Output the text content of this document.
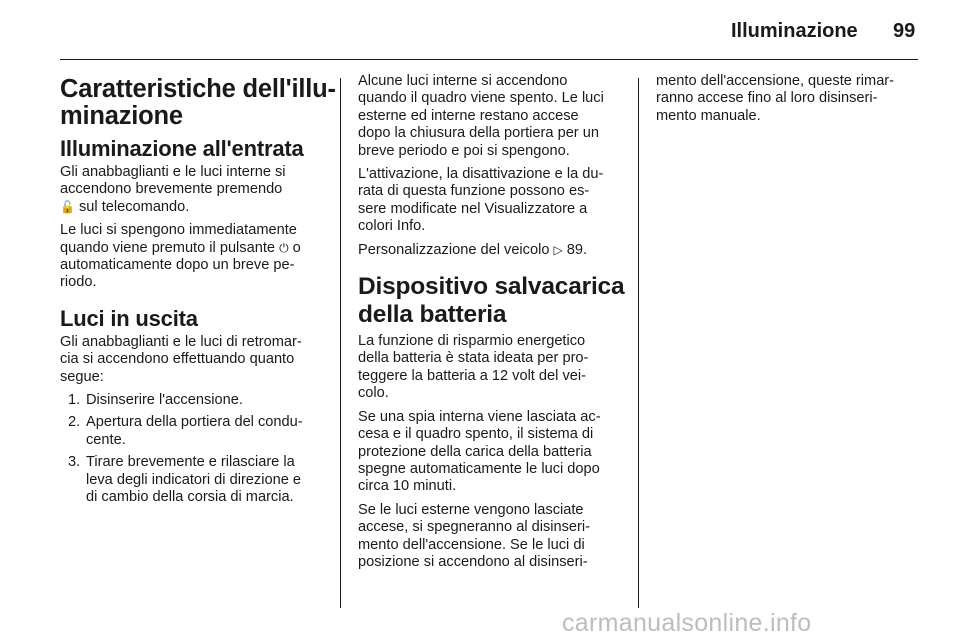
Illuminazione 99
Caratteristiche dell'illu-
minazione
Illuminazione all'entrata

Gli anabbaglianti e le luci interne si
accendono brevemente premendo
🔓 sul telecomando.

Le luci si spengono immediatamente
quando viene premuto il pulsante ⏻ o
automaticamente dopo un breve pe-
riodo.

Luci in uscita

Gli anabbaglianti e le luci di retromar-
cia si accendono effettuando quanto
segue:

1. Disinserire l'accensione.
2. Apertura della portiera del condu-
cente.
3. Tirare brevemente e rilasciare la
leva degli indicatori di direzione e
di cambio della corsia di marcia.

Alcune luci interne si accendono
quando il quadro viene spento. Le luci
esterne ed interne restano accese
dopo la chiusura della portiera per un
breve periodo e poi si spengono.

L'attivazione, la disattivazione e la du-
rata di questa funzione possono es-
sere modificate nel Visualizzatore a
colori Info.

Personalizzazione del veicolo ▷ 89.

Dispositivo salvacarica
della batteria

La funzione di risparmio energetico
della batteria è stata ideata per pro-
teggere la batteria a 12 volt del vei-
colo.

Se una spia interna viene lasciata ac-
cesa e il quadro spento, il sistema di
protezione della carica della batteria
spegne automaticamente le luci dopo
circa 10 minuti.

Se le luci esterne vengono lasciate
accese, si spegneranno al disinseri-
mento dell'accensione. Se le luci di
posizione si accendono al disinseri-

mento dell'accensione, queste rimar-
ranno accese fino al loro disinseri-
mento manuale.

carmanualsonline.info
